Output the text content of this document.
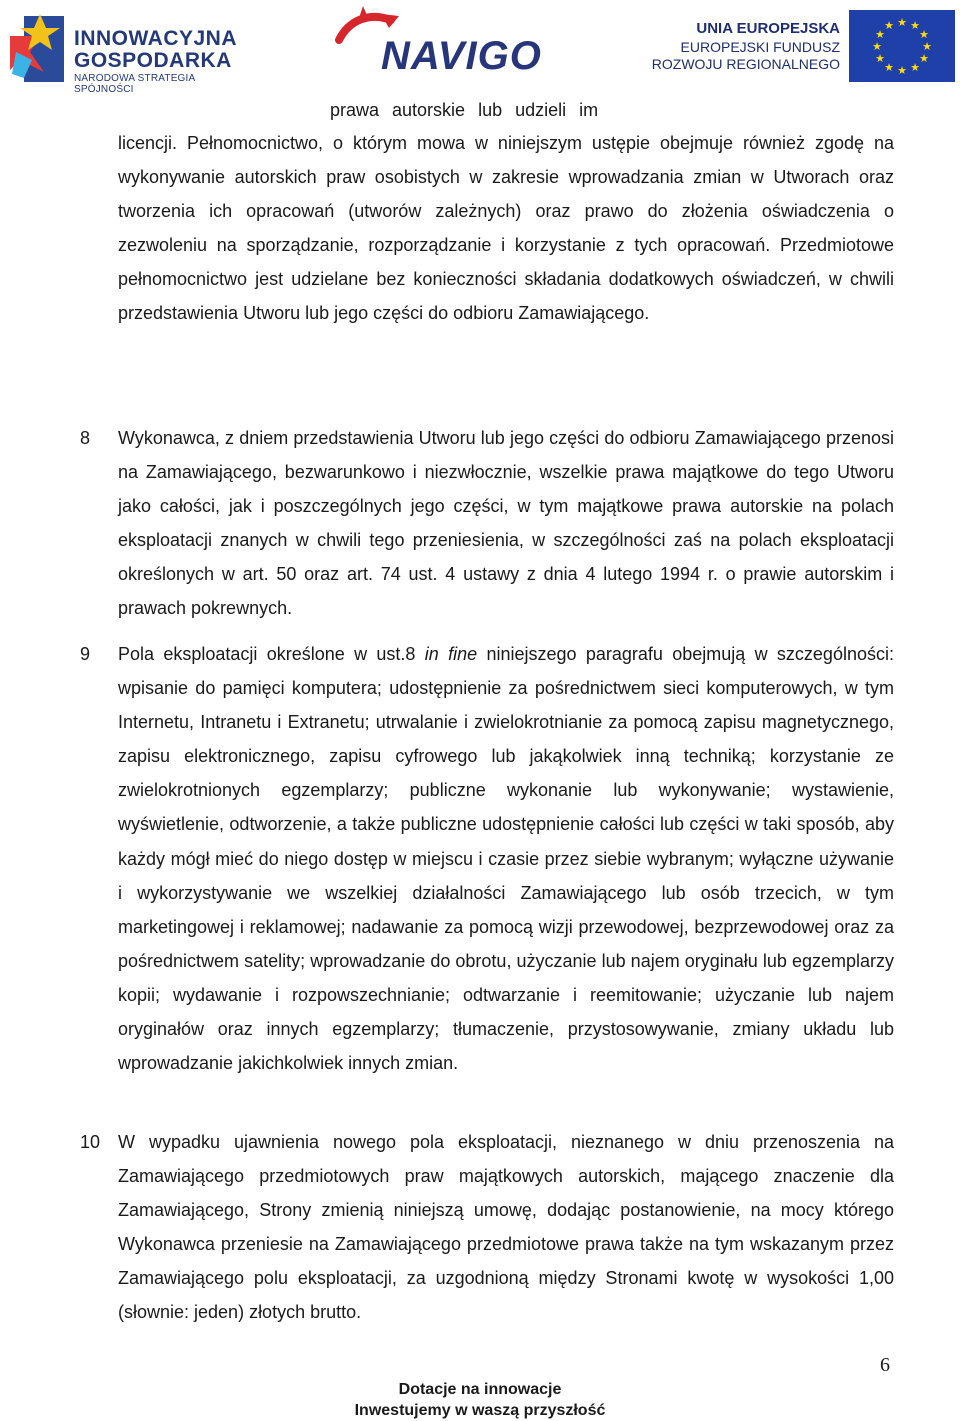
INNOWACYJNA
GOSPODARKA
NARODOWA STRATEGIA SPÓJNOŚCI
NAVIGO
UNIA EUROPEJSKA
EUROPEJSKI FUNDUSZ
ROZWOJU REGIONALNEGO
★ ★
★
★
★
★
★
★
★
★
★
★
prawa autorskie lub udzieli im
licencji. Pełnomocnictwo, o którym mowa w niniejszym ustępie obejmuje również zgodę na wykonywanie autorskich praw osobistych w zakresie wprowadzania zmian w Utworach oraz tworzenia ich opracowań (utworów zależnych) oraz prawo do złożenia oświadczenia o zezwoleniu na sporządzanie, rozporządzanie i korzystanie z tych opracowań. Przedmiotowe pełnomocnictwo jest udzielane bez konieczności składania dodatkowych oświadczeń, w chwili przedstawienia Utworu lub jego części do odbioru Zamawiającego.
8 Wykonawca, z dniem przedstawienia Utworu lub jego części do odbioru Zamawiającego przenosi na Zamawiającego, bezwarunkowo i niezwłocznie, wszelkie prawa majątkowe do tego Utworu jako całości, jak i poszczególnych jego części, w tym majątkowe prawa autorskie na polach eksploatacji znanych w chwili tego przeniesienia, w szczególności zaś na polach eksploatacji określonych w art. 50 oraz art. 74 ust. 4 ustawy z dnia 4 lutego 1994 r. o prawie autorskim i prawach pokrewnych.
9 Pola eksploatacji określone w ust.8 in fine niniejszego paragrafu obejmują w szczególności: wpisanie do pamięci komputera; udostępnienie za pośrednictwem sieci komputerowych, w tym Internetu, Intranetu i Extranetu; utrwalanie i zwielokrotnianie za pomocą zapisu magnetycznego, zapisu elektronicznego, zapisu cyfrowego lub jakąkolwiek inną techniką; korzystanie ze zwielokrotnionych egzemplarzy; publiczne wykonanie lub wykonywanie; wystawienie, wyświetlenie, odtworzenie, a także publiczne udostępnienie całości lub części w taki sposób, aby każdy mógł mieć do niego dostęp w miejscu i czasie przez siebie wybranym; wyłączne używanie i wykorzystywanie we wszelkiej działalności Zamawiającego lub osób trzecich, w tym marketingowej i reklamowej; nadawanie za pomocą wizji przewodowej, bezprzewodowej oraz za pośrednictwem satelity; wprowadzanie do obrotu, użyczanie lub najem oryginału lub egzemplarzy kopii; wydawanie i rozpowszechnianie; odtwarzanie i reemitowanie; użyczanie lub najem oryginałów oraz innych egzemplarzy; tłumaczenie, przystosowywanie, zmiany układu lub wprowadzanie jakichkolwiek innych zmian.
10 W wypadku ujawnienia nowego pola eksploatacji, nieznanego w dniu przenoszenia na Zamawiającego przedmiotowych praw majątkowych autorskich, mającego znaczenie dla Zamawiającego, Strony zmienią niniejszą umowę, dodając postanowienie, na mocy którego Wykonawca przeniesie na Zamawiającego przedmiotowe prawa także na tym wskazanym przez Zamawiającego polu eksploatacji, za uzgodnioną między Stronami kwotę w wysokości 1,00 (słownie: jeden) złotych brutto.
6
Dotacje na innowacje
Inwestujemy w waszą przyszłość
